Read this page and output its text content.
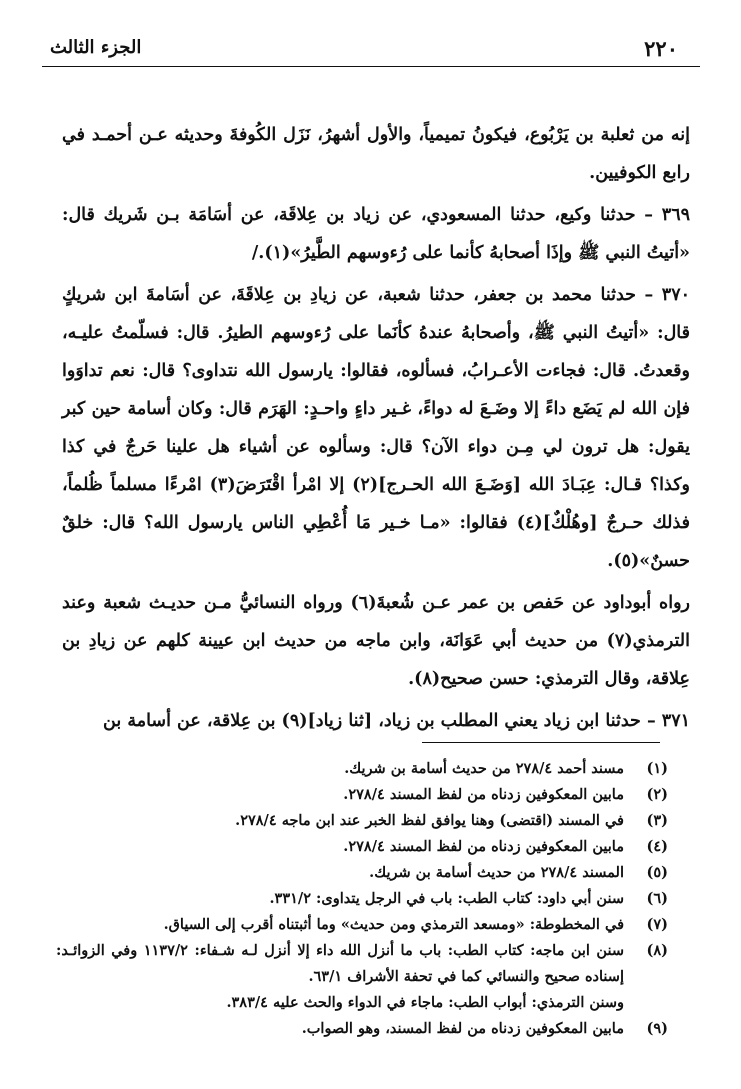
٢٢٠
الجزء الثالث

إنه من ثعلبة بن يَرْبُوع، فيكونُ تميمياً، والأول أشهرُ، نَزَل الكُوفةَ وحديثه عـن أحمـد في رابع الكوفيين.

٣٦٩ – حدثنا وكيع، حدثنا المسعودي، عن زياد بن عِلاقَة، عن أسَامَة بـن شَريك قال: «أتيتُ النبي ﷺ وإذَا أصحابهُ كأنما على رُءوسهم الطَّيرُ»(١)./

٣٧٠ – حدثنا محمد بن جعفر، حدثنا شعبة، عن زيادِ بن عِلاقَةَ، عن أسَامةَ ابن شريكٍ قال: «أتيتُ النبي ﷺ، وأصحابهُ عندهُ كأنَما على رُءوسهم الطيرُ. قال: فسلّمتُ عليـه، وقعدتُ. قال: فجاءت الأعـرابُ، فسألوه، فقالوا: يارسول الله نتداوى؟ قال: نعم تداوَوا فإن الله لم يَضَع داءً إلا وضَـعَ له دواءً، غـير داءٍ واحـدٍ: الهَرَم قال: وكان أسامة حين كبر يقول: هل ترون لي مِـن دواء الآن؟ قال: وسألوه عن أشياء هل علينا حَرجٌ في كذا وكذا؟ قـال: عِبَـادَ الله [وَضَـعَ الله الحـرج](٢) إلا امْرأ اقْتَرَضَ(٣) امْرءًا مسلماً ظُلماً، فذلك حـرجٌ [وهُلْكٌ](٤) فقالوا: «مـا خـير مَا أُعْطِي الناس يارسول الله؟ قال: خلقٌ حسنٌ»(٥).

رواه أبوداود عن حَفص بن عمر عـن شُعبةَ(٦) ورواه النسائيُّ مـن حديـث شعبة وعند الترمذي(٧) من حديث أبي عَوَانَة، وابن ماجه من حديث ابن عيينة كلهم عن زيادِ بن عِلاقة، وقال الترمذي: حسن صحيح(٨).

٣٧١ – حدثنا ابن زياد يعني المطلب بن زياد، [ثنا زياد](٩) بن عِلاقة، عن أسامة بن

(١)
مسند أحمد ٢٧٨/٤ من حديث أسامة بن شريك.
(٢)
مابين المعكوفين زدناه من لفظ المسند ٢٧٨/٤.
(٣)
في المسند (اقتضى) وهنا يوافق لفظ الخبر عند ابن ماجه ٢٧٨/٤.
(٤)
مابين المعكوفين زدناه من لفظ المسند ٢٧٨/٤.
(٥)
المسند ٢٧٨/٤ من حديث أسامة بن شريك.
(٦)
سنن أبي داود: كتاب الطب: باب في الرجل يتداوى: ٣٣١/٢.
(٧)
في المخطوطة: «ومسعد الترمذي ومن حديث» وما أثبتناه أقرب إلى السياق.
(٨)
سنن ابن ماجه: كتاب الطب: باب ما أنزل الله داء إلا أنزل لـه شـفاء: ١١٣٧/٢ وفي الزوائـد: إسناده صحيح والنسائي كما في تحفة الأشراف ٦٣/١.
وسنن الترمذي: أبواب الطب: ماجاء في الدواء والحث عليه ٣٨٣/٤.
(٩)
مابين المعكوفين زدناه من لفظ المسند، وهو الصواب.
